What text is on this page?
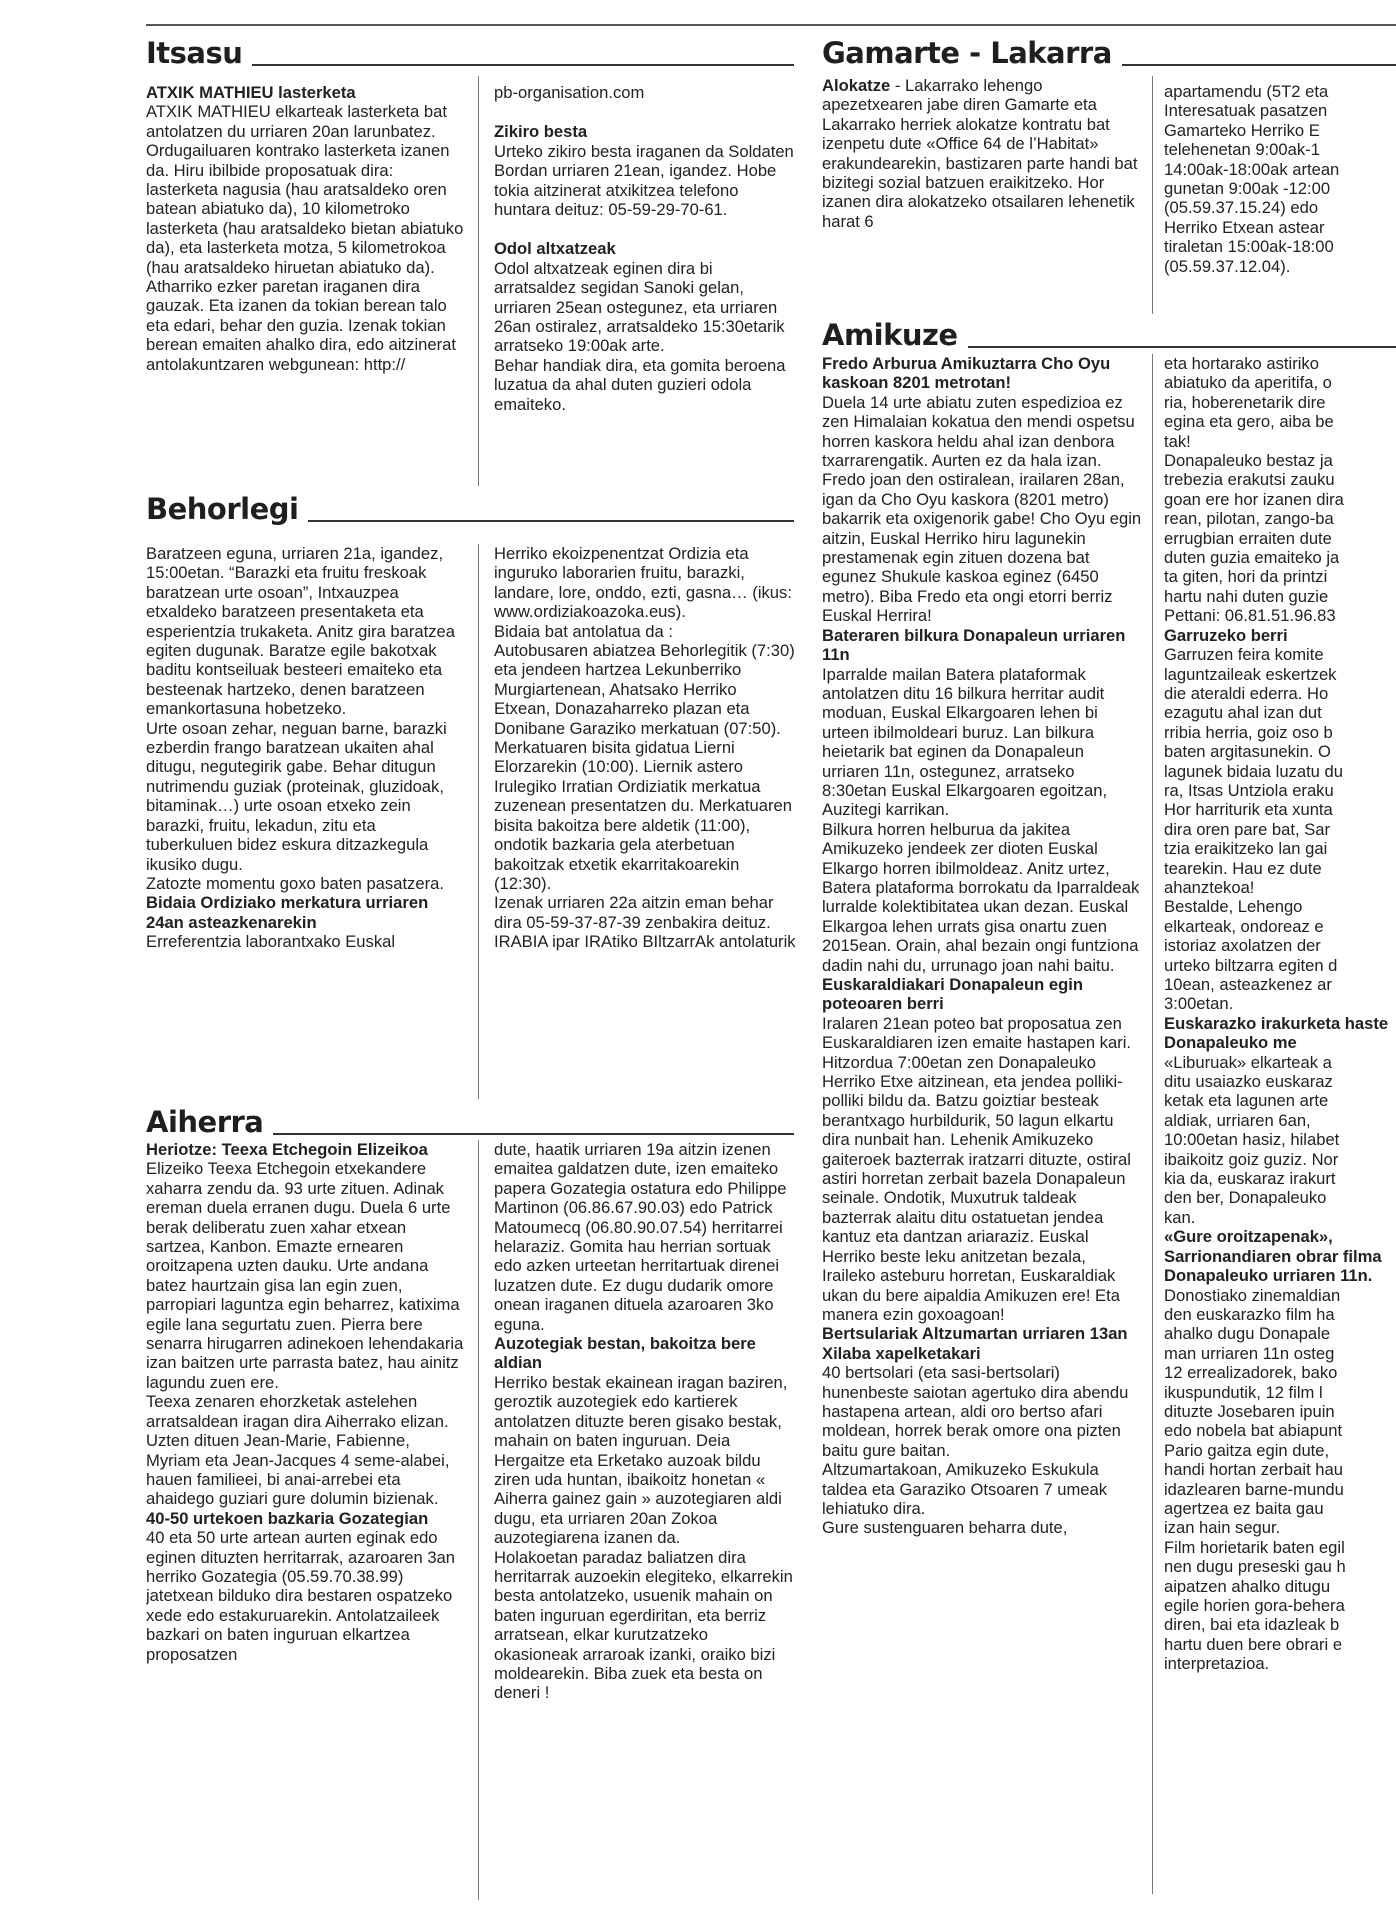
Itsasu

ATXIK MATHIEU lasterketa

ATXIK MATHIEU elkarteak lasterketa bat antolatzen du urriaren 20an larunbatez. Ordugailuaren kontrako lasterketa izanen da. Hiru ibilbide proposatuak dira: lasterketa nagusia (hau aratsaldeko oren batean abiatuko da), 10 kilometroko lasterketa (hau aratsaldeko bietan abiatuko da), eta lasterketa motza, 5 kilometrokoa (hau aratsaldeko hiruetan abiatuko da). Atharriko ezker paretan iraganen dira gauzak. Eta izanen da tokian berean talo eta edari, behar den guzia. Izenak tokian berean emaiten ahalko dira, edo aitzinerat antolakuntzaren webgunean: http://

pb-organisation.com

Zikiro besta

Urteko zikiro besta iraganen da Soldaten Bordan urriaren 21ean, igandez. Hobe tokia aitzinerat atxikitzea telefono huntara deituz: 05-59-29-70-61.

Odol altxatzeak

Odol altxatzeak eginen dira bi arratsaldez segidan Sanoki gelan, urriaren 25ean ostegunez, eta urriaren 26an ostiralez, arratsaldeko 15:30etarik arratseko 19:00ak arte.

Behar handiak dira, eta gomita beroena luzatua da ahal duten guzieri odola emaiteko.

Behorlegi

Baratzeen eguna, urriaren 21a, igandez, 15:00etan. “Barazki eta fruitu freskoak baratzean urte osoan”, Intxauzpea etxaldeko baratzeen presentaketa eta esperientzia trukaketa. Anitz gira baratzea egiten dugunak. Baratze egile bakotxak baditu kontseiluak besteeri emaiteko eta besteenak hartzeko, denen baratzeen emankortasuna hobetzeko.

Urte osoan zehar, neguan barne, barazki ezberdin frango baratzean ukaiten ahal ditugu, negutegirik gabe. Behar ditugun nutrimendu guziak (proteinak, gluzidoak, bitaminak…) urte osoan etxeko zein barazki, fruitu, lekadun, zitu eta tuberkuluen bidez eskura ditzazkegula ikusiko dugu.

Zatozte momentu goxo baten pasatzera.

Bidaia Ordiziako merkatura urriaren 24an asteazkenarekin

Erreferentzia laborantxako Euskal

Herriko ekoizpenentzat Ordizia eta inguruko laborarien fruitu, barazki, landare, lore, onddo, ezti, gasna… (ikus: www.ordiziakoazoka.eus).

Bidaia bat antolatua da :

Autobusaren abiatzea Behorlegitik (7:30) eta jendeen hartzea Lekunberriko Murgiartenean, Ahatsako Herriko Etxean, Donazaharreko plazan eta Donibane Garaziko merkatuan (07:50).

Merkatuaren bisita gidatua Lierni Elorzarekin (10:00). Liernik astero Irulegiko Irratian Ordiziatik merkatua zuzenean presentatzen du. Merkatuaren bisita bakoitza bere aldetik (11:00), ondotik bazkaria gela aterbetuan bakoitzak etxetik ekarritakoarekin (12:30).

Izenak urriaren 22a aitzin eman behar dira 05-59-37-87-39 zenbakira deituz.

IRABIA ipar IRAtiko BIltzarrAk antolaturik

Aiherra

Heriotze: Teexa Etchegoin Elizeikoa

Elizeiko Teexa Etchegoin etxekandere xaharra zendu da. 93 urte zituen. Adinak ereman duela erranen dugu. Duela 6 urte berak deliberatu zuen xahar etxean sartzea, Kanbon. Emazte ernearen oroitzapena uzten dauku. Urte andana batez haurtzain gisa lan egin zuen, parropiari laguntza egin beharrez, katixima egile lana segurtatu zuen. Pierra bere senarra hirugarren adinekoen lehendakaria izan baitzen urte parrasta batez, hau ainitz lagundu zuen ere.

Teexa zenaren ehorzketak astelehen arratsaldean iragan dira Aiherrako elizan. Uzten dituen Jean-Marie, Fabienne, Myriam eta Jean-Jacques 4 seme-alabei, hauen familieei, bi anai-arrebei eta ahaidego guziari gure dolumin bizienak.

40-50 urtekoen bazkaria Gozategian

40 eta 50 urte artean aurten eginak edo eginen dituzten herritarrak, azaroaren 3an herriko Gozategia (05.59.70.38.99) jatetxean bilduko dira bestaren ospatzeko xede edo estakuruarekin. Antolatzaileek bazkari on baten inguruan elkartzea proposatzen

dute, haatik urriaren 19a aitzin izenen emaitea galdatzen dute, izen emaiteko papera Gozategia ostatura edo Philippe Martinon (06.86.67.90.03) edo Patrick Matoumecq (06.80.90.07.54) herritarrei helaraziz. Gomita hau herrian sortuak edo azken urteetan herritartuak direnei luzatzen dute. Ez dugu dudarik omore onean iraganen dituela azaroaren 3ko eguna.

Auzotegiak bestan, bakoitza bere aldian

Herriko bestak ekainean iragan baziren, geroztik auzotegiek edo kartierek antolatzen dituzte beren gisako bestak, mahain on baten inguruan. Deia Hergaitze eta Erketako auzoak bildu ziren uda huntan, ibaikoitz honetan « Aiherra gainez gain » auzotegiaren aldi dugu, eta urriaren 20an Zokoa auzotegiarena izanen da.

Holakoetan paradaz baliatzen dira herritarrak auzoekin elegiteko, elkarrekin besta antolatzeko, usuenik mahain on baten inguruan egerdiritan, eta berriz arratsean, elkar kurutzatzeko okasioneak arraroak izanki, oraiko bizi moldearekin. Biba zuek eta besta on deneri !

Gamarte - Lakarra

Alokatze - Lakarrako lehengo apezetxearen jabe diren Gamarte eta Lakarrako herriek alokatze kontratu bat izenpetu dute «Office 64 de l’Habitat» erakundearekin, bastizaren parte handi bat bizitegi sozial batzuen eraikitzeko. Hor izanen dira alokatzeko otsailaren lehenetik harat 6

apartamendu (5T2 eta

Interesatuak pasatzen

Gamarteko Herriko E

telehenetan 9:00ak-1

14:00ak-18:00ak artean

gunetan 9:00ak -12:00

(05.59.37.15.24) edo

Herriko Etxean astear

tiraletan 15:00ak-18:00

(05.59.37.12.04).

Amikuze

Fredo Arburua Amikuztarra Cho Oyu kaskoan 8201 metrotan!

Duela 14 urte abiatu zuten espedizioa ez zen Himalaian kokatua den mendi ospetsu horren kaskora heldu ahal izan denbora txarrarengatik. Aurten ez da hala izan. Fredo joan den ostiralean, irailaren 28an, igan da Cho Oyu kaskora (8201 metro) bakarrik eta oxigenorik gabe! Cho Oyu egin aitzin, Euskal Herriko hiru lagunekin prestamenak egin zituen dozena bat egunez Shukule kaskoa eginez (6450 metro). Biba Fredo eta ongi etorri berriz Euskal Herrira!

Bateraren bilkura Donapaleun urriaren 11n

Iparralde mailan Batera plataformak antolatzen ditu 16 bilkura herritar audit moduan, Euskal Elkargoaren lehen bi urteen ibilmoldeari buruz. Lan bilkura heietarik bat eginen da Donapaleun urriaren 11n, ostegunez, arratseko 8:30etan Euskal Elkargoaren egoitzan, Auzitegi karrikan.

Bilkura horren helburua da jakitea Amikuzeko jendeek zer dioten Euskal Elkargo horren ibilmoldeaz. Anitz urtez, Batera plataforma borrokatu da Iparraldeak lurralde kolektibitatea ukan dezan. Euskal Elkargoa lehen urrats gisa onartu zuen 2015ean. Orain, ahal bezain ongi funtziona dadin nahi du, urrunago joan nahi baitu.

Euskaraldiakari Donapaleun egin poteoaren berri

Iralaren 21ean poteo bat proposatua zen Euskaraldiaren izen emaite hastapen kari. Hitzordua 7:00etan zen Donapaleuko Herriko Etxe aitzinean, eta jendea polliki-polliki bildu da. Batzu goiztiar besteak berantxago hurbildurik, 50 lagun elkartu dira nunbait han. Lehenik Amikuzeko gaiteroek bazterrak iratzarri dituzte, ostiral astiri horretan zerbait bazela Donapaleun seinale. Ondotik, Muxutruk taldeak bazterrak alaitu ditu ostatuetan jendea kantuz eta dantzan ariaraziz. Euskal Herriko beste leku anitzetan bezala, Iraileko asteburu horretan, Euskaraldiak ukan du bere aipaldia Amikuzen ere! Eta manera ezin goxoagoan!

Bertsulariak Altzumartan urriaren 13an Xilaba xapelketakari

40 bertsolari (eta sasi-bertsolari) hunenbeste saiotan agertuko dira abendu hastapena artean, aldi oro bertso afari moldean, horrek berak omore ona pizten baitu gure baitan.

Altzumartakoan, Amikuzeko Eskukula taldea eta Garaziko Otsoaren 7 umeak lehiatuko dira.

Gure sustenguaren beharra dute,

eta hortarako astiriko

abiatuko da aperitifa, o

ria, hoberenetarik dire

egina eta gero, aiba be

tak!

Donapaleuko bestaz ja

trebezia erakutsi zauku

goan ere hor izanen dira

rean, pilotan, zango-ba

errugbian erraiten dute

duten guzia emaiteko ja

ta giten, hori da printzi

hartu nahi duten guzie

Pettani: 06.81.51.96.83

Garruzeko berri

Garruzen feira komite

laguntzaileak eskertzek

die ateraldi ederra. Ho

ezagutu ahal izan dut

rribia herria, goiz oso b

baten argitasunekin. O

lagunek bidaia luzatu du

ra, Itsas Untziola eraku

Hor harriturik eta xunta

dira oren pare bat, Sar

tzia eraikitzeko lan gai

tearekin. Hau ez dute

ahanztekoa!

Bestalde, Lehengo

elkarteak, ondoreaz e

istoriaz axolatzen der

urteko biltzarra egiten d

10ean, asteazkenez ar

3:00etan.

Euskarazko irakurketa haste Donapaleuko me

«Liburuak» elkarteak a

ditu usaiazko euskaraz

ketak eta lagunen arte

aldiak, urriaren 6an,

10:00etan hasiz, hilabet

ibaikoitz goiz guziz. Nor

kia da, euskaraz irakurt

den ber, Donapaleuko

kan.

«Gure oroitzapenak», Sarrionandiaren obrar filma Donapaleuko urriaren 11n.

Donostiako zinemaldian

den euskarazko film ha

ahalko dugu Donapale

man urriaren 11n osteg

12 errealizadorek, bako

ikuspundutik, 12 film l

dituzte Josebaren ipuin

edo nobela bat abiapunt

Pario gaitza egin dute,

handi hortan zerbait hau

idazlearen barne-mundu

agertzea ez baita gau

izan hain segur.

Film horietarik baten egil

nen dugu preseski gau h

aipatzen ahalko ditugu

egile horien gora-behera

diren, bai eta idazleak b

hartu duen bere obrari e

interpretazioa.
